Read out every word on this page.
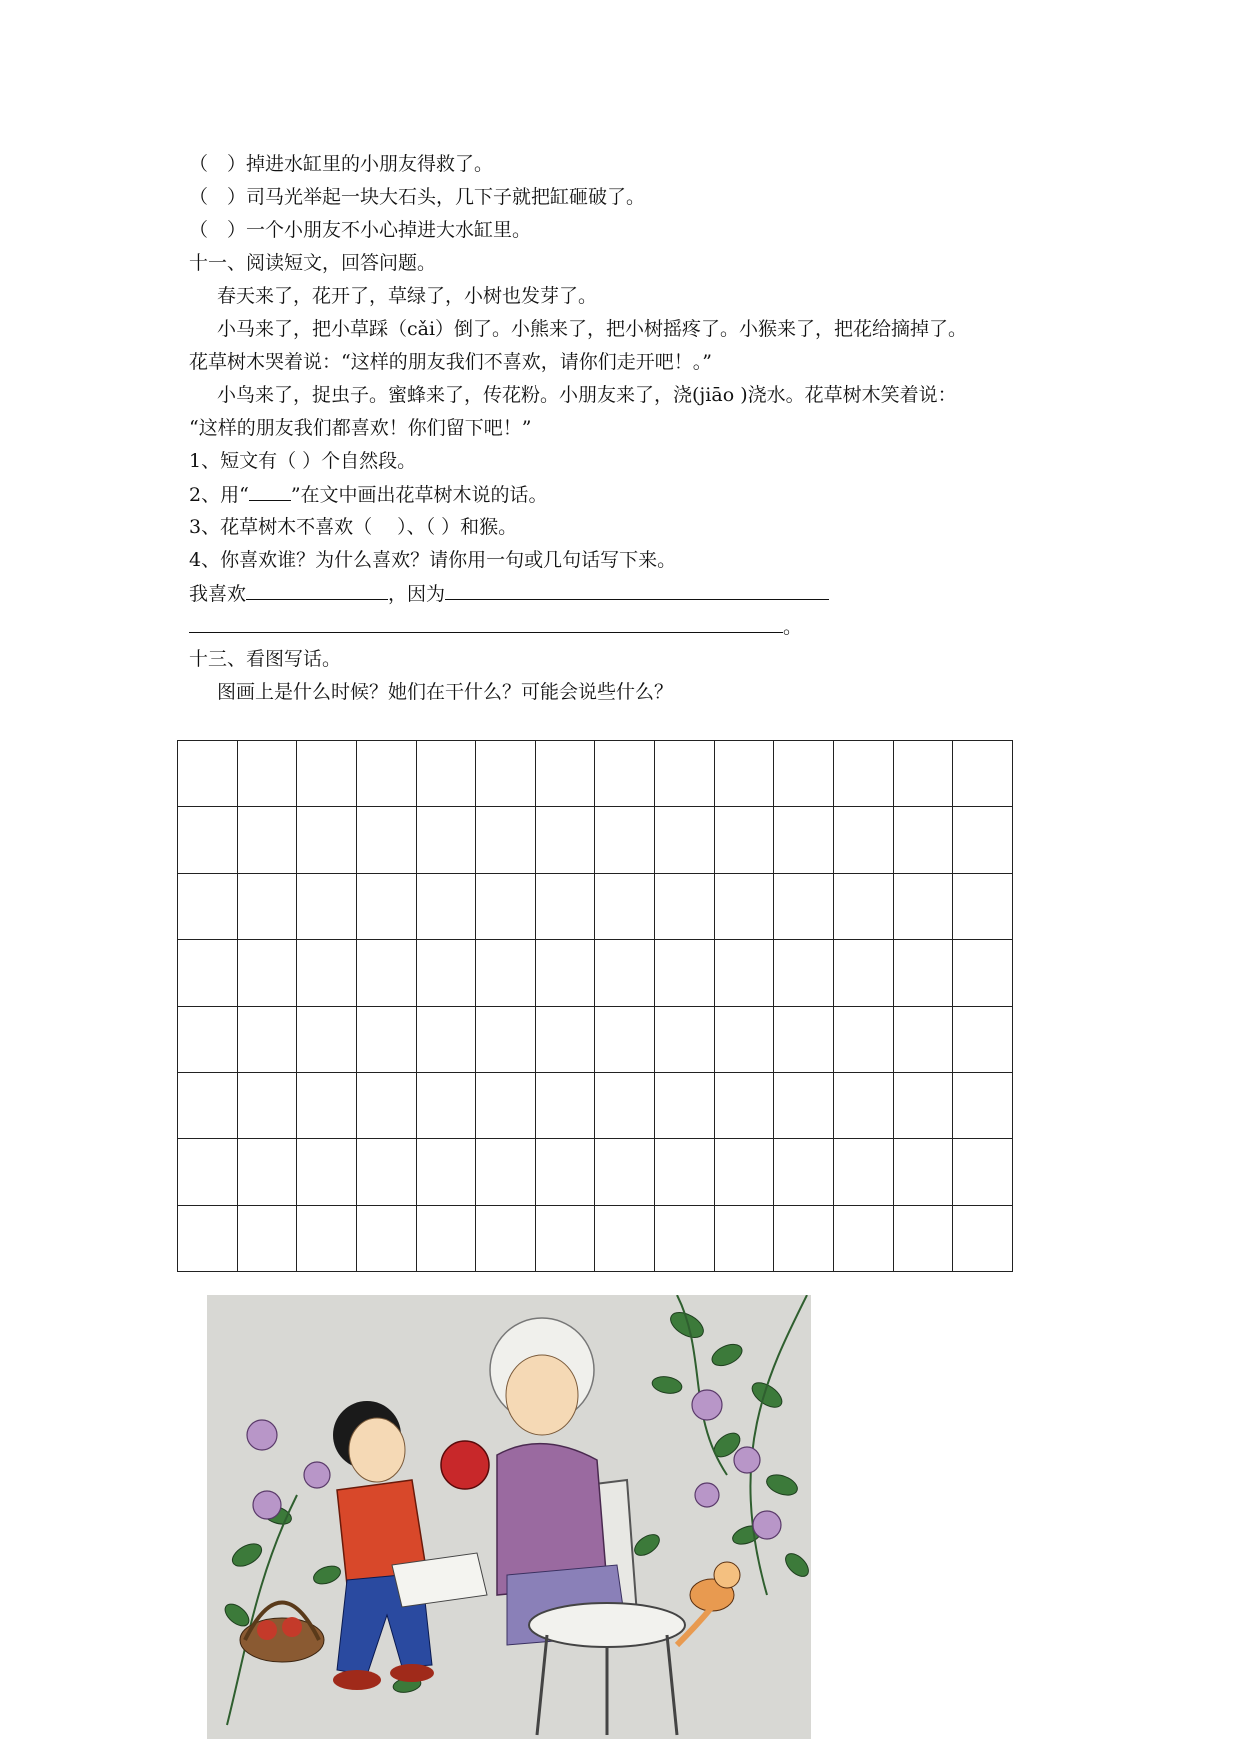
（　）掉进水缸里的小朋友得救了。
（　）司马光举起一块大石头，几下子就把缸砸破了。
（　）一个小朋友不小心掉进大水缸里。
十一、阅读短文，回答问题。
春天来了，花开了，草绿了，小树也发芽了。
小马来了，把小草踩（cǎi）倒了。小熊来了，把小树摇疼了。小猴来了，把花给摘掉了。
花草树木哭着说：“这样的朋友我们不喜欢，请你们走开吧！。”
小鸟来了，捉虫子。蜜蜂来了，传花粉。小朋友来了，浇(jiāo )浇水。花草树木笑着说：
“这样的朋友我们都喜欢！你们留下吧！”
1、短文有（ ）个自然段。
2、用“ ”在文中画出花草树木说的话。
3、花草树木不喜欢（　 ）、（ ）和猴。
4、你喜欢谁？为什么喜欢？请你用一句或几句话写下来。
我喜欢	，因为
。
十三、看图写话。
图画上是什么时候？她们在干什么？可能会说些什么？
